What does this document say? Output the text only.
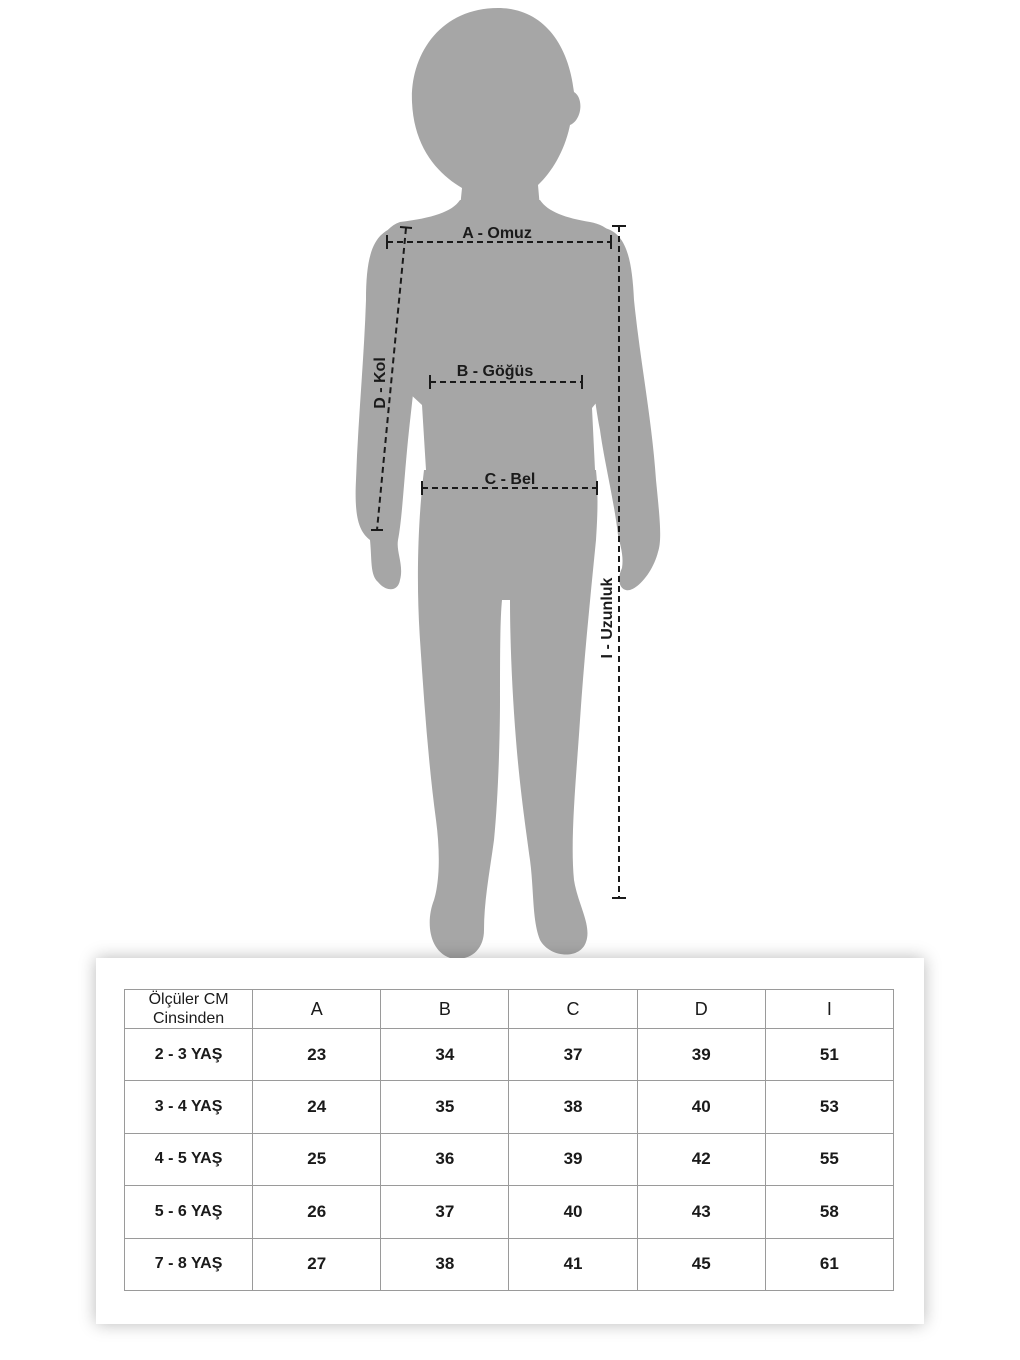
A - Omuz
B - Göğüs
C - Bel
D - Kol
I - Uzunluk
Ölçüler CM
Cinsinden	A	B	C	D	I
2 - 3 YAŞ	23	34	37	39	51
3 - 4 YAŞ	24	35	38	40	53
4 - 5 YAŞ	25	36	39	42	55
5 - 6 YAŞ	26	37	40	43	58
7 - 8 YAŞ	27	38	41	45	61
